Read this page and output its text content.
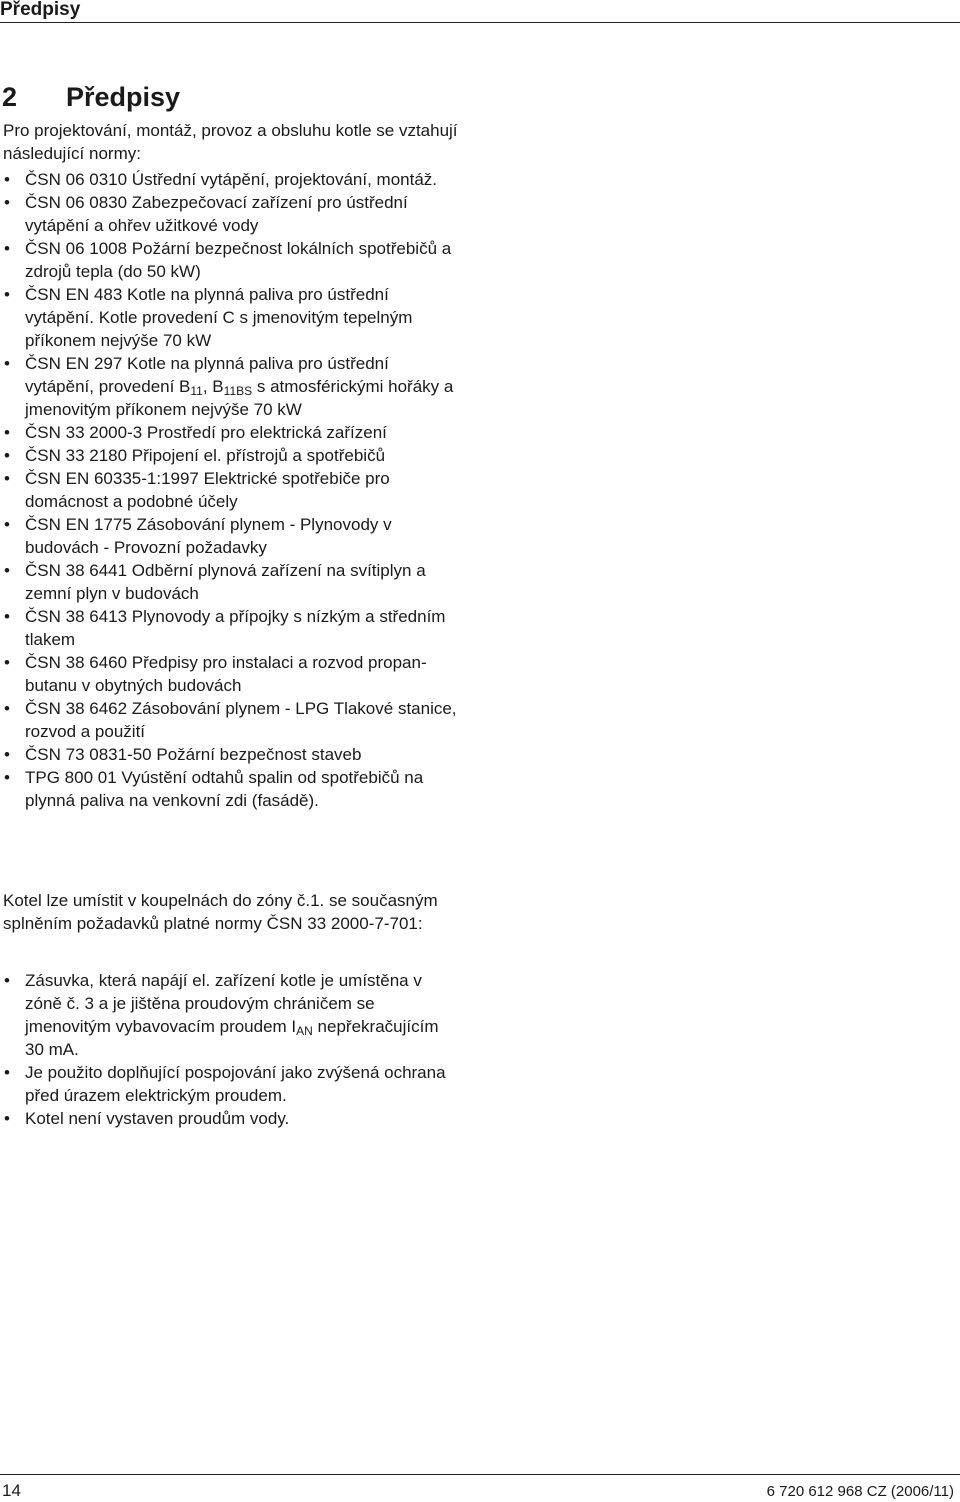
Předpisy
2 Předpisy

Pro projektování, montáž, provoz a obsluhu kotle se vztahují následující normy:

• ČSN 06 0310 Ústřední vytápění, projektování, montáž.
• ČSN 06 0830 Zabezpečovací zařízení pro ústřední vytápění a ohřev užitkové vody
• ČSN 06 1008 Požární bezpečnost lokálních spotřebičů a zdrojů tepla (do 50 kW)
• ČSN EN 483 Kotle na plynná paliva pro ústřední vytápění. Kotle provedení C s jmenovitým tepelným příkonem nejvýše 70 kW
• ČSN EN 297 Kotle na plynná paliva pro ústřední vytápění, provedení $B_{11}$, $B_{11BS}$ s atmosférickými hořáky a jmenovitým příkonem nejvýše 70 kW
• ČSN 33 2000-3 Prostředí pro elektrická zařízení
• ČSN 33 2180 Připojení el. přístrojů a spotřebičů
• ČSN EN 60335-1:1997 Elektrické spotřebiče pro domácnost a podobné účely
• ČSN EN 1775 Zásobování plynem - Plynovody v budovách - Provozní požadavky
• ČSN 38 6441 Odběrní plynová zařízení na svítiplyn a zemní plyn v budovách
• ČSN 38 6413 Plynovody a přípojky s nízkým a středním tlakem
• ČSN 38 6460 Předpisy pro instalaci a rozvod propan-butanu v obytných budovách
• ČSN 38 6462 Zásobování plynem - LPG Tlakové stanice, rozvod a použití
• ČSN 73 0831-50 Požární bezpečnost staveb
• TPG 800 01 Vyústění odtahů spalin od spotřebičů na plynná paliva na venkovní zdi (fasádě).

Kotel lze umístit v koupelnách do zóny č.1. se současným splněním požadavků platné normy ČSN 33 2000-7-701:

• Zásuvka, která napájí el. zařízení kotle je umístěna v zóně č. 3 a je jištěna proudovým chráničem se jmenovitým vybavovacím proudem $I_{AN}$ nepřekračujícím 30 mA.
• Je použito doplňující pospojování jako zvýšená ochrana před úrazem elektrickým proudem.
• Kotel není vystaven proudům vody.
14	6 720 612 968 CZ (2006/11)
